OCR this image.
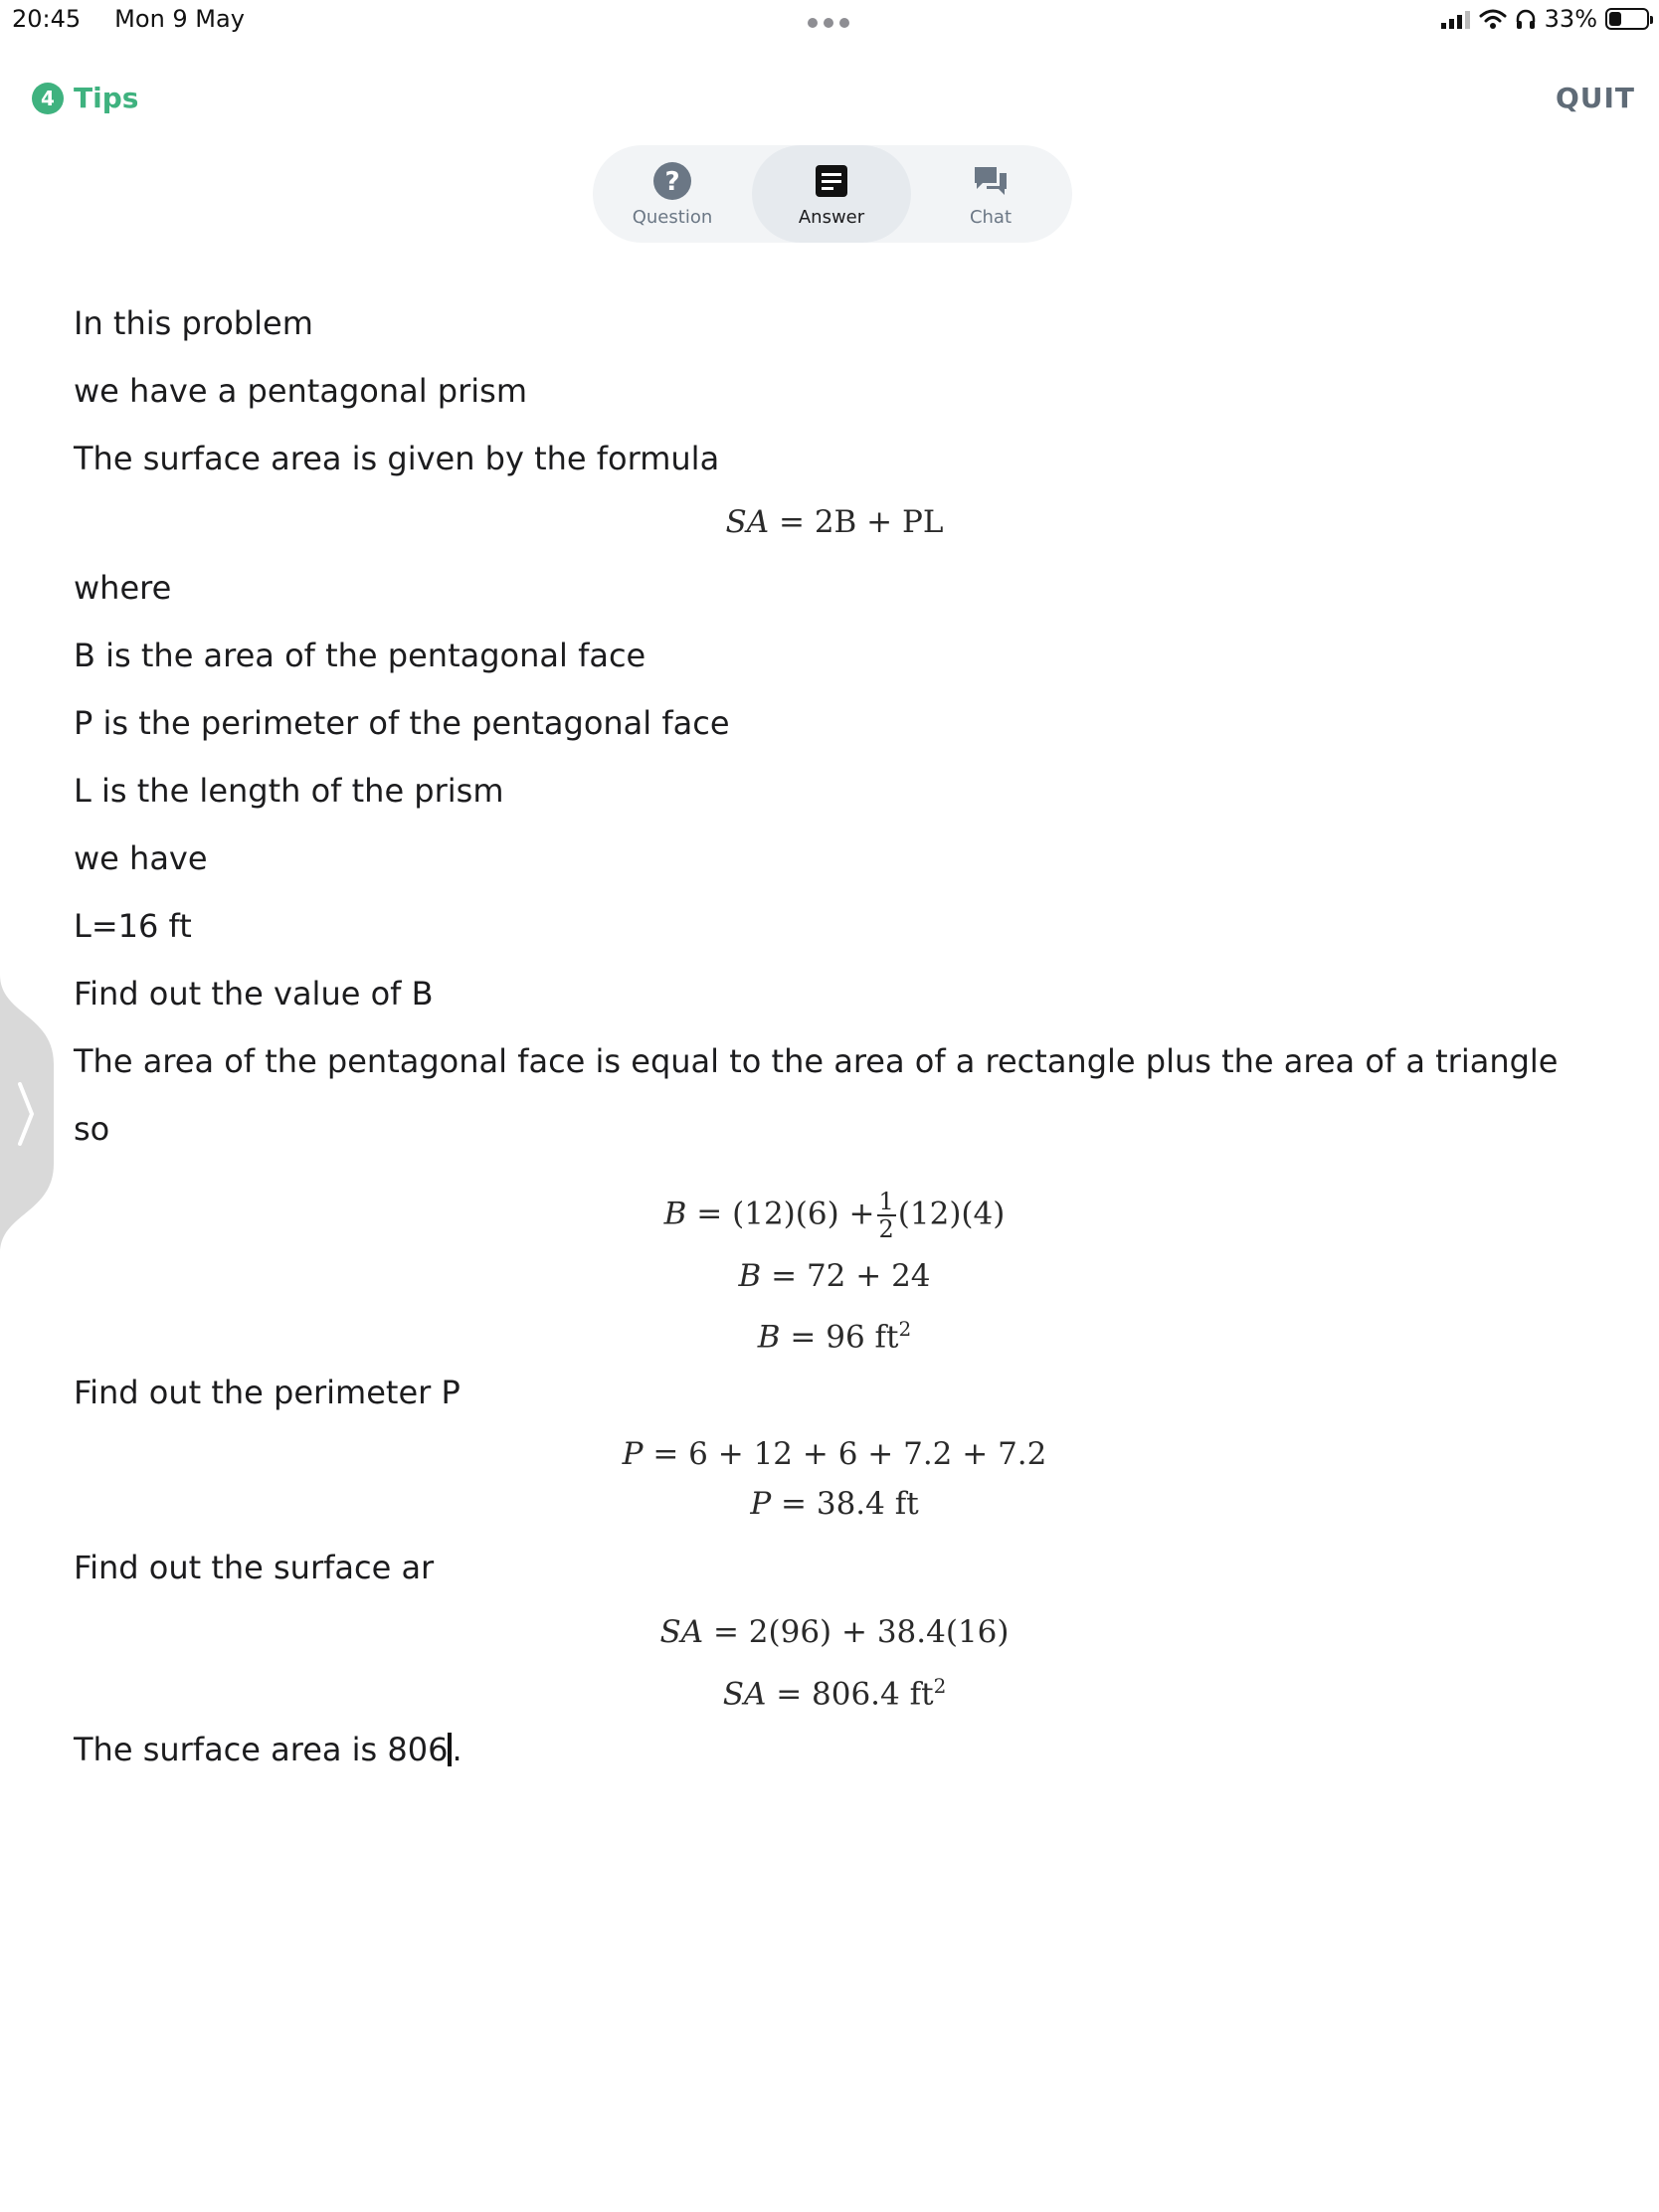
20:45 Mon 9 May	33%
4 Tips	QUIT
?
Question	Answer	Chat
In this problem
we have a pentagonal prism
The surface area is given by the formula
SA = 2B + PL
where
B is the area of the pentagonal face
P is the perimeter of the pentagonal face
L is the length of the prism
we have
L=16 ft
Find out the value of B
The area of the pentagonal face is equal to the area of a rectangle plus the area of a triangle
so
$B = (12)(6) + \frac{1}{2} (12)(4)$
B = 72 + 24
B = 96 $ft^2$
Find out the perimeter P
P = 6 + 12 + 6 + 7.2 + 7.2
P = 38.4 ft
Find out the surface ar
SA = 2(96) + 38.4(16)
SA = 806.4 $ft^2$
The surface area is 806 .
